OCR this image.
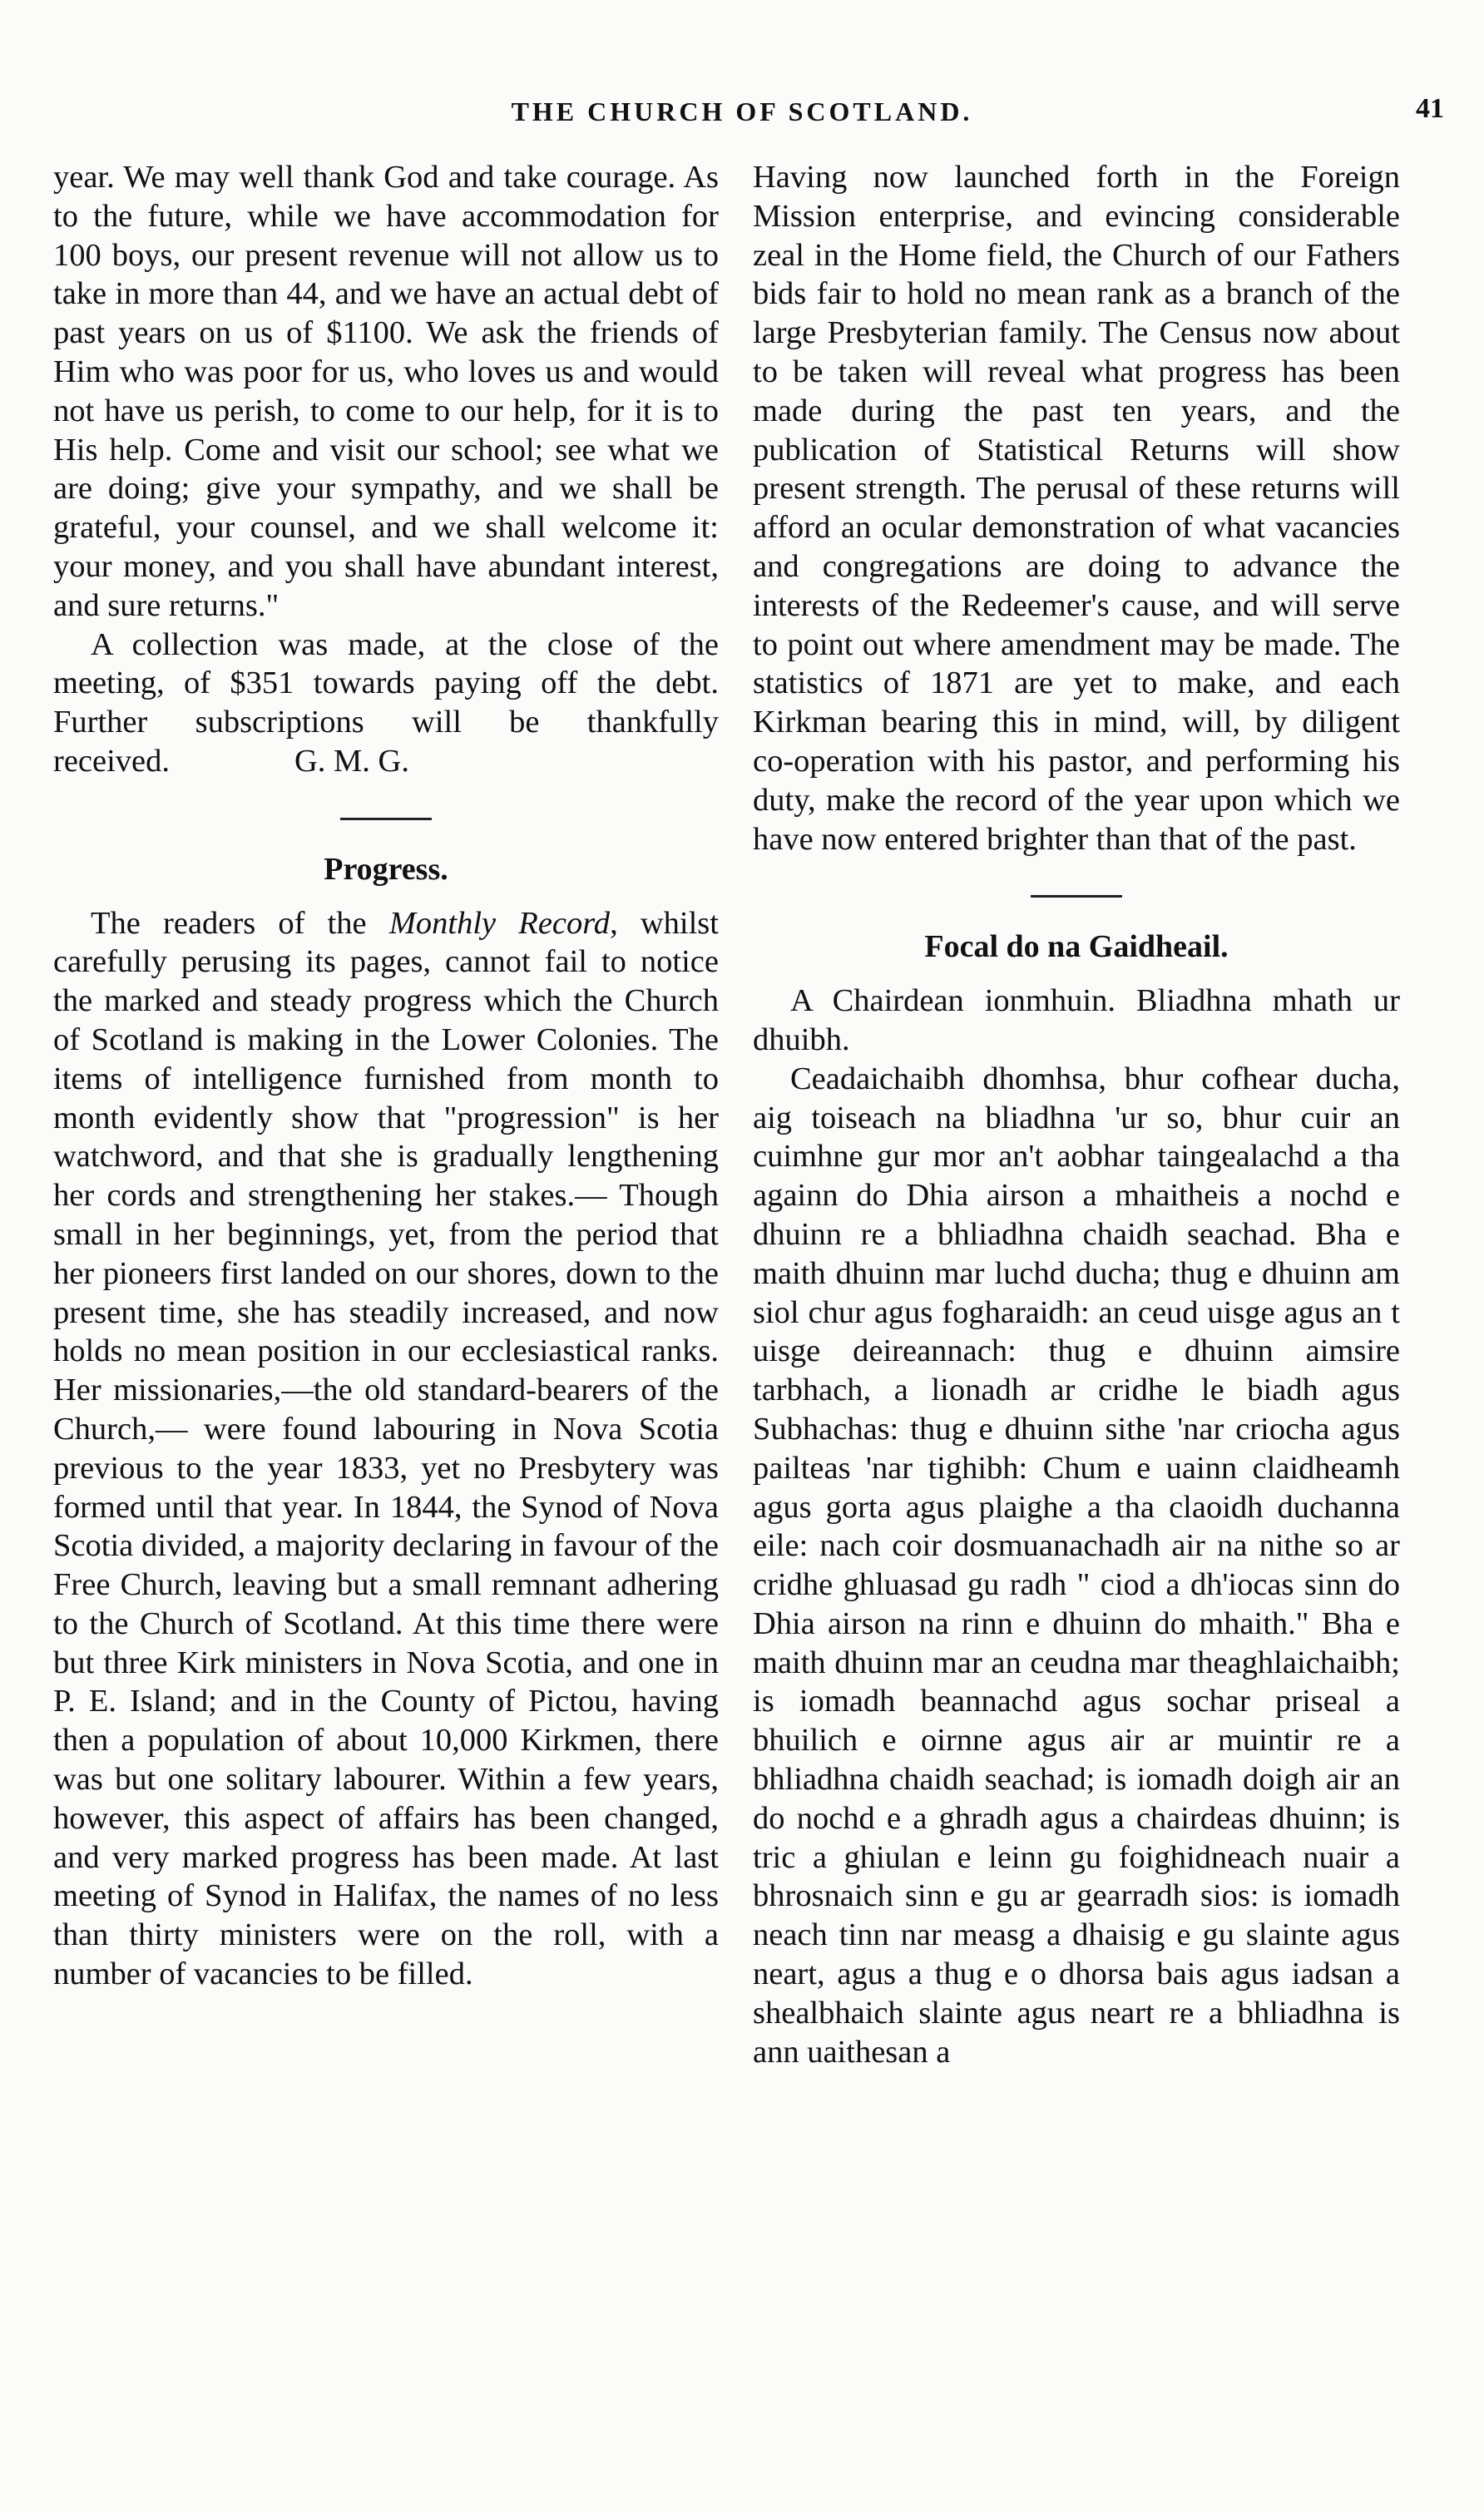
THE CHURCH OF SCOTLAND.	41

year. We may well thank God and take courage. As to the future, while we have accommodation for 100 boys, our present revenue will not allow us to take in more than 44, and we have an actual debt of past years on us of $1100. We ask the friends of Him who was poor for us, who loves us and would not have us perish, to come to our help, for it is to His help. Come and visit our school; see what we are doing; give your sympathy, and we shall be grateful, your counsel, and we shall welcome it: your money, and you shall have abundant interest, and sure returns."

A collection was made, at the close of the meeting, of $351 towards paying off the debt. Further subscriptions will be thankfully received.	G. M. G.

Progress.

The readers of the Monthly Record, whilst carefully perusing its pages, cannot fail to notice the marked and steady progress which the Church of Scotland is making in the Lower Colonies. The items of intelligence furnished from month to month evidently show that "progression" is her watchword, and that she is gradually lengthening her cords and strengthening her stakes.— Though small in her beginnings, yet, from the period that her pioneers first landed on our shores, down to the present time, she has steadily increased, and now holds no mean position in our ecclesiastical ranks. Her missionaries,—the old standard-bearers of the Church,— were found labouring in Nova Scotia previous to the year 1833, yet no Presbytery was formed until that year. In 1844, the Synod of Nova Scotia divided, a majority declaring in favour of the Free Church, leaving but a small remnant adhering to the Church of Scotland. At this time there were but three Kirk ministers in Nova Scotia, and one in P. E. Island; and in the County of Pictou, having then a population of about 10,000 Kirkmen, there was but one solitary labourer. Within a few years, however, this aspect of affairs has been changed, and very marked progress has been made. At last meeting of Synod in Halifax, the names of no less than thirty ministers were on the roll, with a number of vacancies to be filled.

Having now launched forth in the Foreign Mission enterprise, and evincing considerable zeal in the Home field, the Church of our Fathers bids fair to hold no mean rank as a branch of the large Presbyterian family. The Census now about to be taken will reveal what progress has been made during the past ten years, and the publication of Statistical Returns will show present strength. The perusal of these returns will afford an ocular demonstration of what vacancies and congregations are doing to advance the interests of the Redeemer's cause, and will serve to point out where amendment may be made. The statistics of 1871 are yet to make, and each Kirkman bearing this in mind, will, by diligent co-operation with his pastor, and performing his duty, make the record of the year upon which we have now entered brighter than that of the past.

Focal do na Gaidheail.

A Chairdean ionmhuin. Bliadhna mhath ur dhuibh.

Ceadaichaibh dhomhsa, bhur cofhear ducha, aig toiseach na bliadhna 'ur so, bhur cuir an cuimhne gur mor an't aobhar taingealachd a tha againn do Dhia airson a mhaitheis a nochd e dhuinn re a bhliadhna chaidh seachad. Bha e maith dhuinn mar luchd ducha; thug e dhuinn am siol chur agus fogharaidh: an ceud uisge agus an t uisge deireannach: thug e dhuinn aimsire tarbhach, a lionadh ar cridhe le biadh agus Subhachas: thug e dhuinn sithe 'nar criocha agus pailteas 'nar tighibh: Chum e uainn claidheamh agus gorta agus plaighe a tha claoidh duchanna eile: nach coir dosmuanachadh air na nithe so ar cridhe ghluasad gu radh " ciod a dh'iocas sinn do Dhia airson na rinn e dhuinn do mhaith." Bha e maith dhuinn mar an ceudna mar theaghlaichaibh; is iomadh beannachd agus sochar priseal a bhuilich e oirnne agus air ar muintir re a bhliadhna chaidh seachad; is iomadh doigh air an do nochd e a ghradh agus a chairdeas dhuinn; is tric a ghiulan e leinn gu foighidneach nuair a bhrosnaich sinn e gu ar gearradh sios: is iomadh neach tinn nar measg a dhaisig e gu slainte agus neart, agus a thug e o dhorsa bais agus iadsan a shealbhaich slainte agus neart re a bhliadhna is ann uaithesan a
